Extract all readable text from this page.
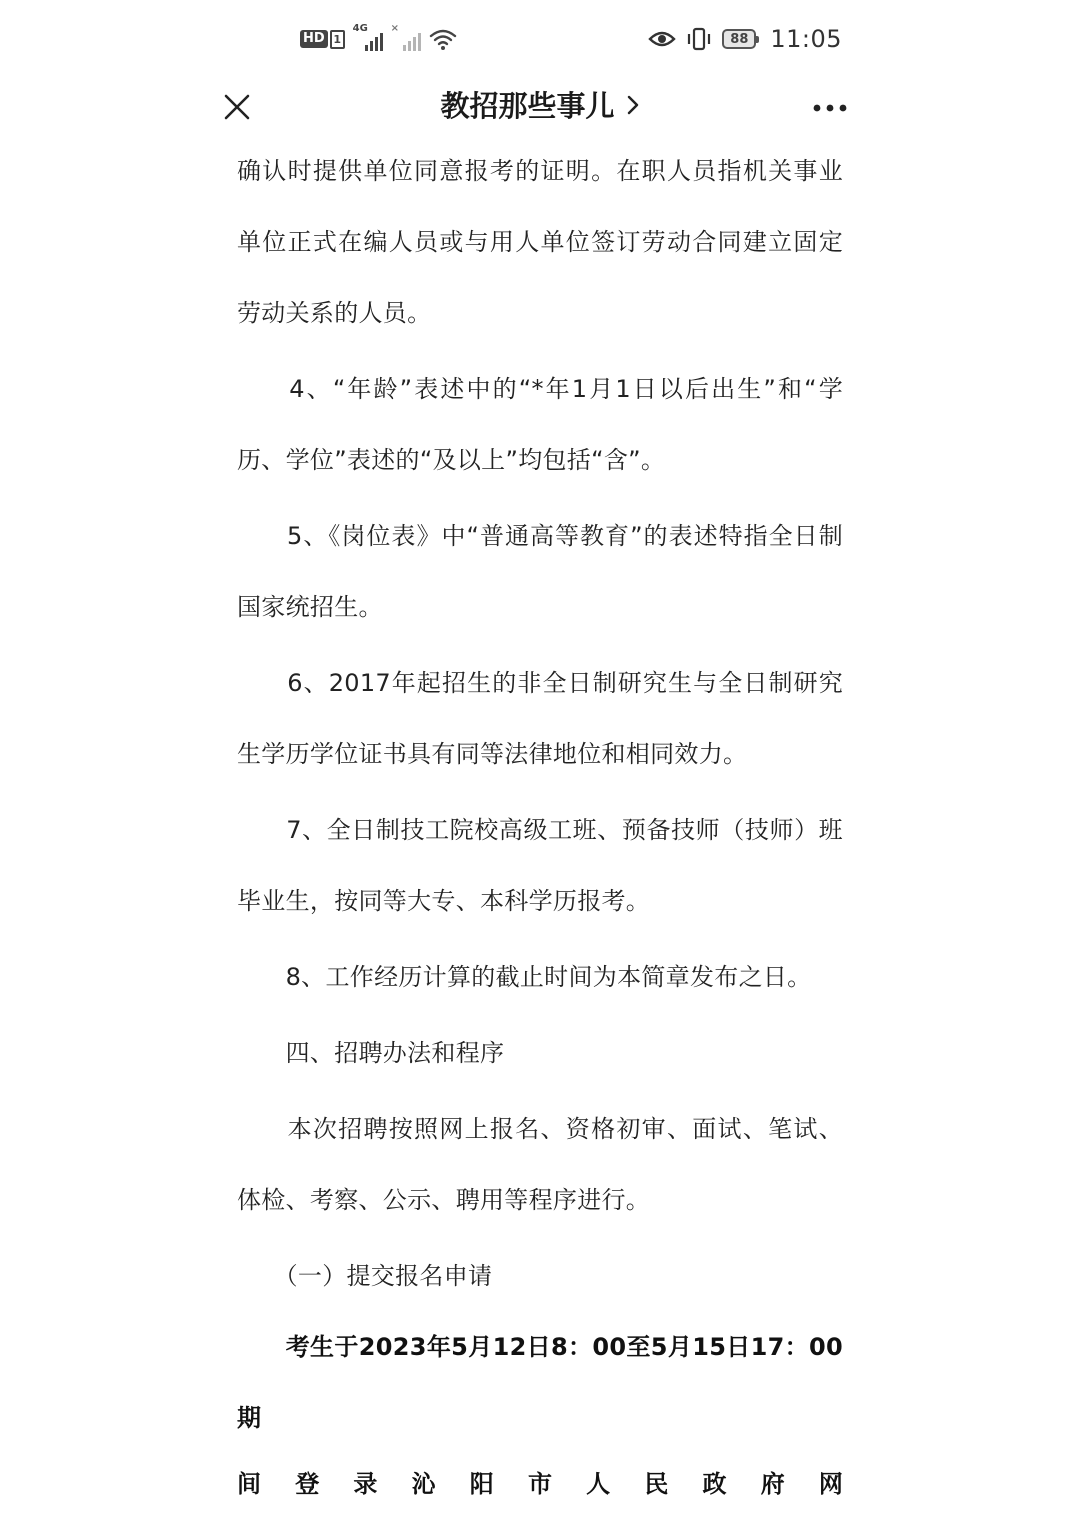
HD 1
4G ×
88 11:05
教招那些事儿

确认时提供单位同意报考的证明。在职人员指机关事业单位正式在编人员或与用人单位签订劳动合同建立固定劳动关系的人员。

　　4、“年龄”表述中的“*年1月1日以后出生”和“学历、学位”表述的“及以上”均包括“含”。

　　5、《岗位表》中“普通高等教育”的表述特指全日制国家统招生。

　　6、2017年起招生的非全日制研究生与全日制研究生学历学位证书具有同等法律地位和相同效力。

　　7、全日制技工院校高级工班、预备技师（技师）班毕业生，按同等大专、本科学历报考。

　　8、工作经历计算的截止时间为本简章发布之日。

　　四、招聘办法和程序

　　本次招聘按照网上报名、资格初审、面试、笔试、体检、考察、公示、聘用等程序进行。

　　（一）提交报名申请

　　考生于2023年5月12日8：00至5月15日17：00期

间 登 录 沁 阳 市 人 民 政 府 网
